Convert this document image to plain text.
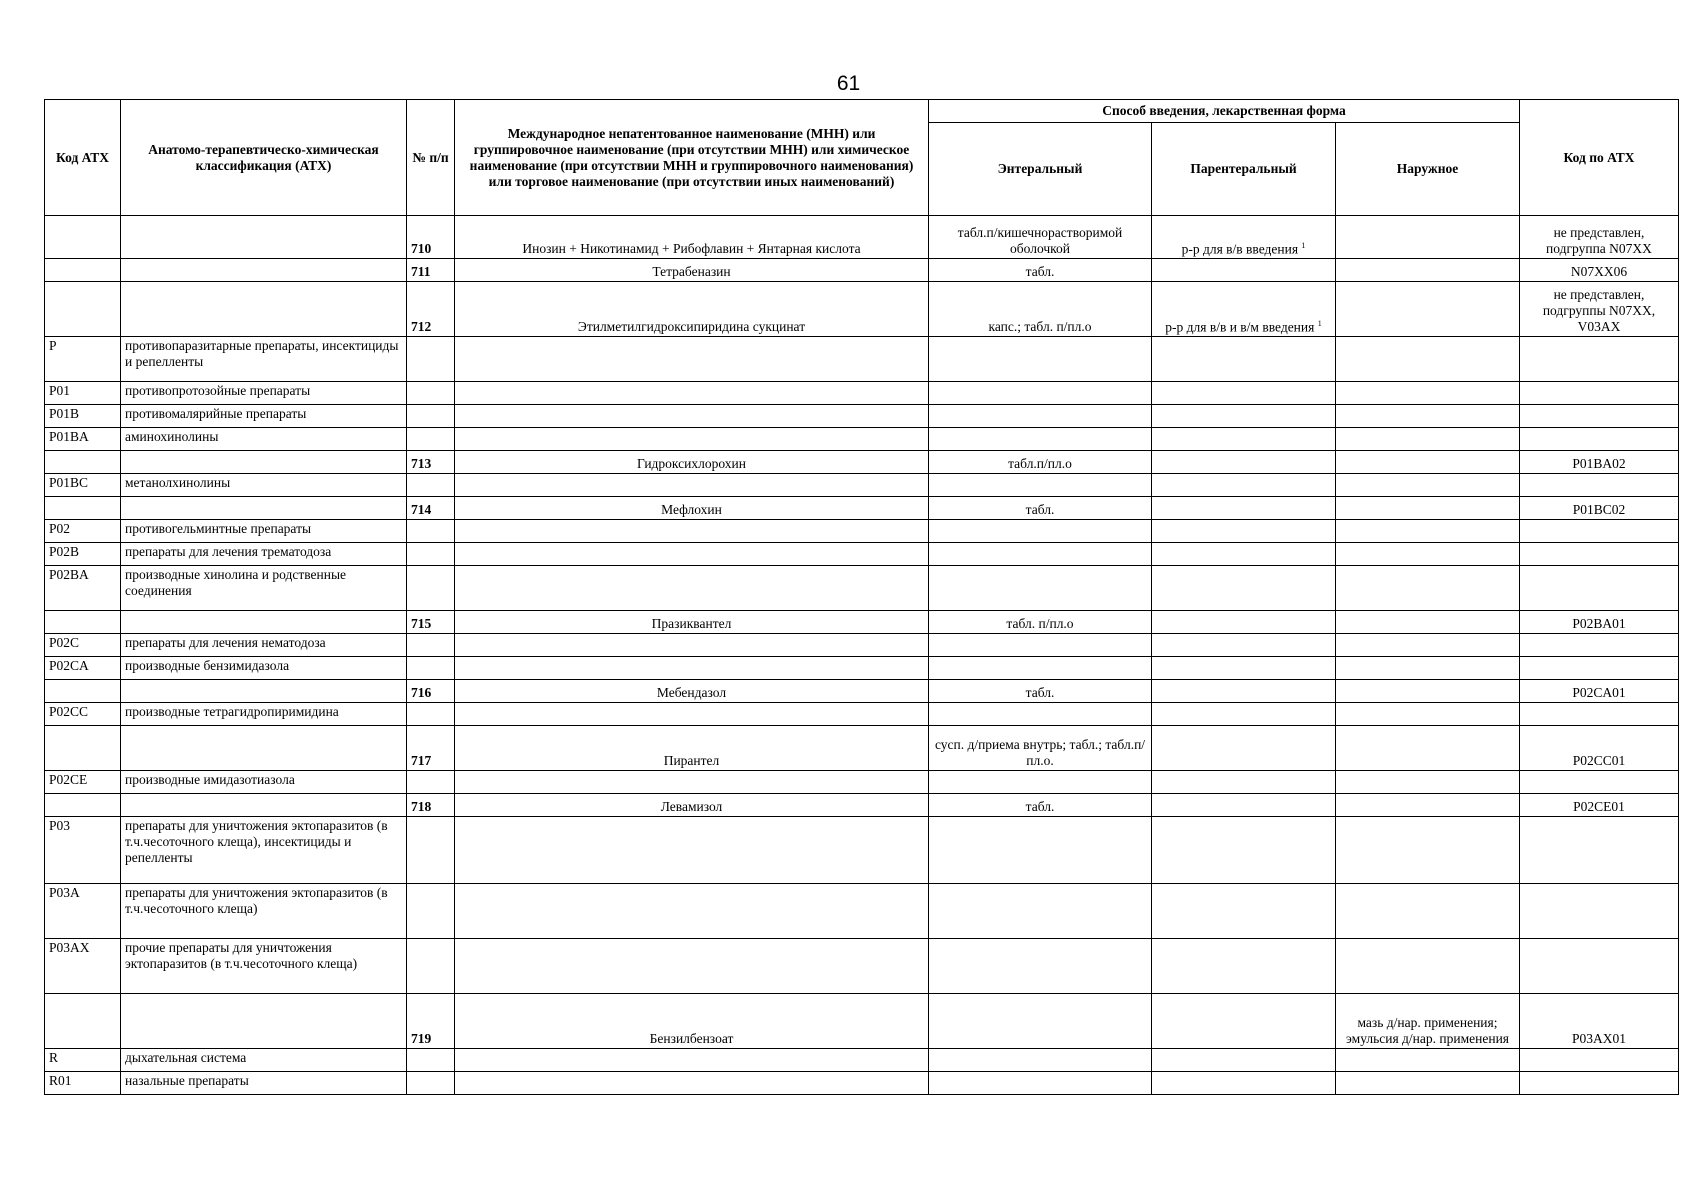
61
Код АТХ	Анатомо-терапевтическо-химическая классификация (АТХ)	№ п/п	Международное непатентованное наименование (МНН) или группировочное наименование (при отсутствии МНН) или химическое наименование (при отсутствии МНН и группировочного наименования) или торговое наименование (при отсутствии иных наименований)	Способ введения, лекарственная форма			Код по АТХ
				Энтеральный	Парентеральный	Наружное	
		710	Инозин + Никотинамид + Рибофлавин + Янтарная кислота	табл.п/кишечнорастворимой оболочкой	р-р для в/в введения $^1$		не представлен, подгруппа N07XX
		711	Тетрабеназин	табл.			N07XX06
		712	Этилметилгидроксипиридина сукцинат	капс.; табл. п/пл.о	р-р для в/в и в/м введения $^1$		не представлен, подгруппы N07XX, V03AX
P	противопаразитарные препараты, инсектициды и репелленты						
P01	противопротозойные препараты						
P01B	противомалярийные препараты						
P01BA	аминохинолины						
		713	Гидроксихлорохин	табл.п/пл.о			P01BA02
P01BC	метанолхинолины						
		714	Мефлохин	табл.			P01BC02
P02	противогельминтные препараты						
P02B	препараты для лечения трематодоза						
P02BA	производные хинолина и родственные соединения						
		715	Празиквантел	табл. п/пл.о			P02BA01
P02C	препараты для лечения нематодоза						
P02CA	производные бензимидазола						
		716	Мебендазол	табл.			P02CA01
P02CC	производные тетрагидропиримидина						
		717	Пирантел	сусп. д/приема внутрь; табл.; табл.п/пл.о.			P02CC01
P02CE	производные имидазотиазола						
		718	Левамизол	табл.			P02CE01
P03	препараты для уничтожения эктопаразитов (в т.ч.чесоточного клеща), инсектициды и репелленты						
P03A	препараты для уничтожения эктопаразитов (в т.ч.чесоточного клеща)						
P03AX	прочие препараты для уничтожения эктопаразитов (в т.ч.чесоточного клеща)						
		719	Бензилбензоат			мазь д/нар. применения; эмульсия д/нар. применения	P03AX01
R	дыхательная система						
R01	назальные препараты						
